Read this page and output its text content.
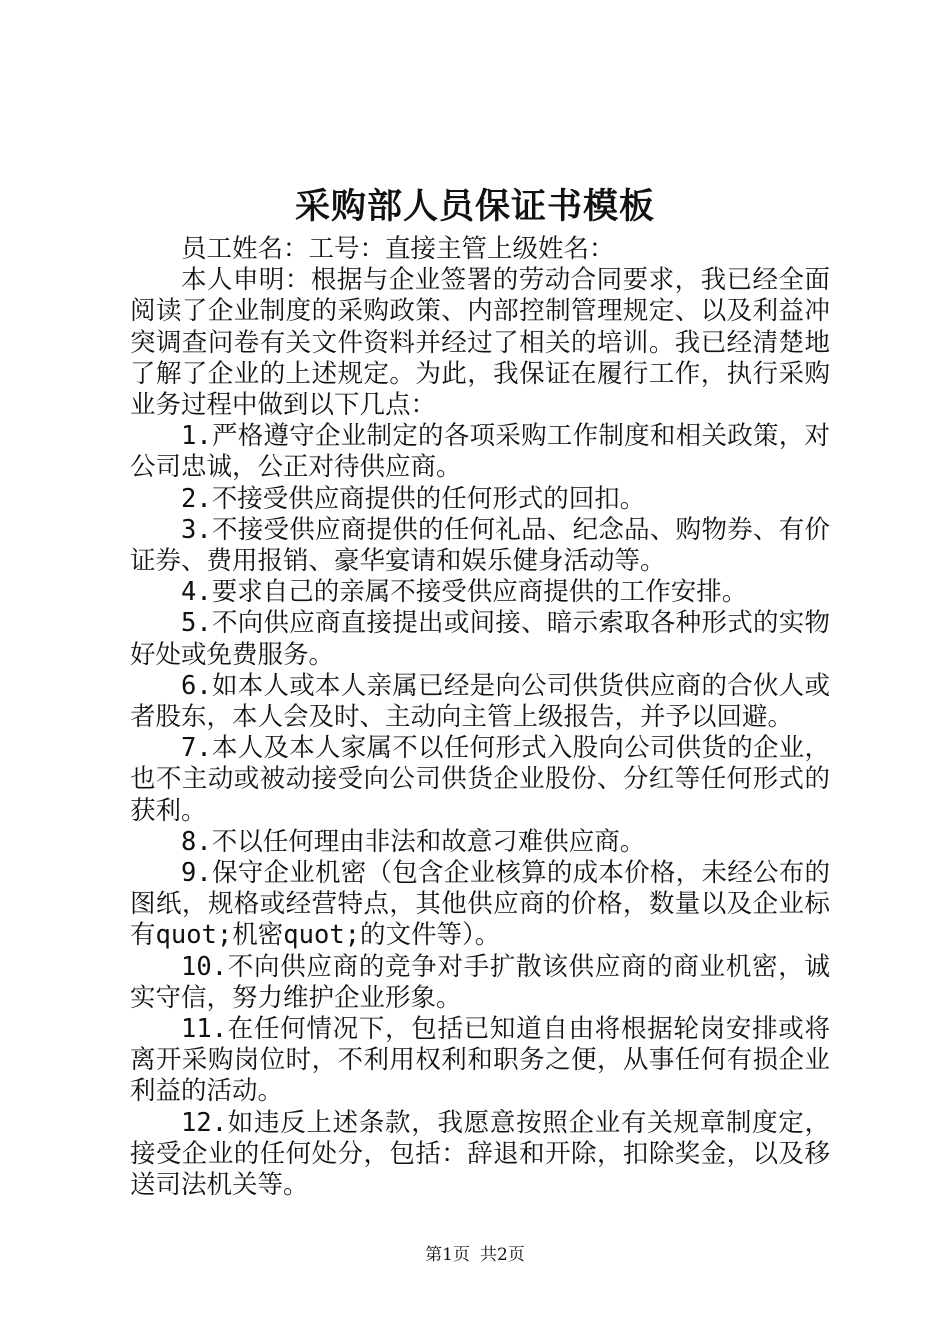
采购部人员保证书模板

员工姓名：工号：直接主管上级姓名：

本人申明：根据与企业签署的劳动合同要求，我已经全面阅读了企业制度的采购政策、内部控制管理规定、以及利益冲突调查问卷有关文件资料并经过了相关的培训。我已经清楚地了解了企业的上述规定。为此，我保证在履行工作，执行采购业务过程中做到以下几点：

1.严格遵守企业制定的各项采购工作制度和相关政策，对公司忠诚，公正对待供应商。

2.不接受供应商提供的任何形式的回扣。

3.不接受供应商提供的任何礼品、纪念品、购物券、有价证券、费用报销、豪华宴请和娱乐健身活动等。

4.要求自己的亲属不接受供应商提供的工作安排。

5.不向供应商直接提出或间接、暗示索取各种形式的实物好处或免费服务。

6.如本人或本人亲属已经是向公司供货供应商的合伙人或者股东，本人会及时、主动向主管上级报告，并予以回避。

7.本人及本人家属不以任何形式入股向公司供货的企业，也不主动或被动接受向公司供货企业股份、分红等任何形式的获利。

8.不以任何理由非法和故意刁难供应商。

9.保守企业机密（包含企业核算的成本价格，未经公布的图纸，规格或经营特点，其他供应商的价格，数量以及企业标有quot;机密quot;的文件等）。

10.不向供应商的竞争对手扩散该供应商的商业机密，诚实守信，努力维护企业形象。

11.在任何情况下，包括已知道自由将根据轮岗安排或将离开采购岗位时，不利用权利和职务之便，从事任何有损企业利益的活动。

12.如违反上述条款，我愿意按照企业有关规章制度定，接受企业的任何处分，包括：辞退和开除，扣除奖金，以及移送司法机关等。

第1页 共2页
